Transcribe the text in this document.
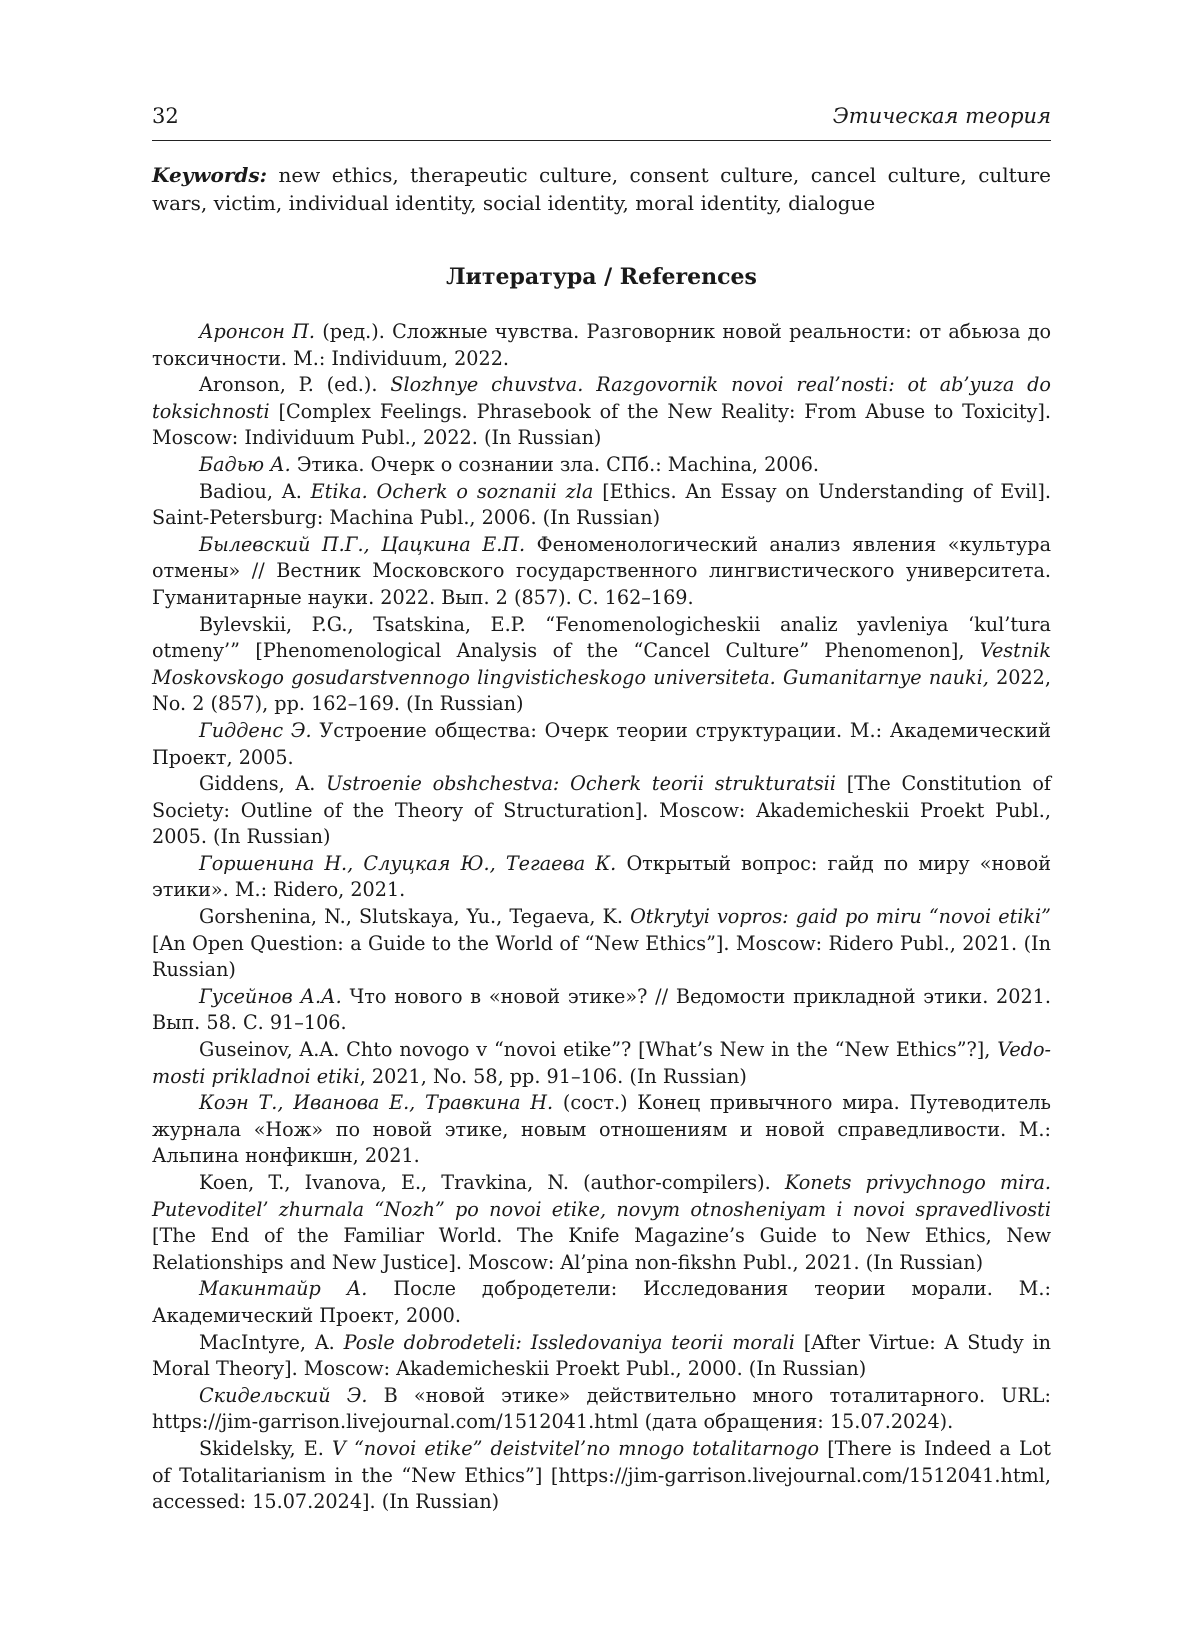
32	Этическая теория

Keywords: new ethics, therapeutic culture, consent culture, cancel culture, culture wars, victim, individual identity, social identity, moral identity, dialogue

Литература / References

Аронсон П. (ред.). Сложные чувства. Разговорник новой реальности: от абьюза до токсичности. М.: Individuum, 2022.

Aronson, P. (ed.). Slozhnye chuvstva. Razgovornik novoi real’nosti: ot ab’yuza do toksichnosti [Complex Feelings. Phrasebook of the New Reality: From Abuse to Toxicity]. Moscow: Individuum Publ., 2022. (In Russian)

Бадью А. Этика. Очерк о сознании зла. СПб.: Machina, 2006.

Badiou, A. Etika. Ocherk o soznanii zla [Ethics. An Essay on Understanding of Evil]. Saint-Petersburg: Machina Publ., 2006. (In Russian)

Былевский П.Г., Цацкина Е.П. Феноменологический анализ явления «культура отмены» // Вестник Московского государственного лингвистического университета. Гуманитарные науки. 2022. Вып. 2 (857). С. 162–169.

Bylevskii, P.G., Tsatskina, E.P. “Fenomenologicheskii analiz yavleniya ‘kul’tura otmeny’” [Phenomenological Analysis of the “Cancel Culture” Phenomenon], Vestnik Moskovskogo gosudarstvennogo lingvisticheskogo universiteta. Gumanitarnye nauki, 2022, No. 2 (857), pp. 162–169. (In Russian)

Гидденс Э. Устроение общества: Очерк теории структурации. М.: Академический Проект, 2005.

Giddens, A. Ustroenie obshchestva: Ocherk teorii strukturatsii [The Constitution of Society: Outline of the Theory of Structuration]. Moscow: Akademicheskii Proekt Publ., 2005. (In Russian)

Горшенина Н., Слуцкая Ю., Тегаева К. Открытый вопрос: гайд по миру «новой этики». М.: Ridero, 2021.

Gorshenina, N., Slutskaya, Yu., Tegaeva, K. Otkrytyi vopros: gaid po miru “novoi etiki” [An Open Question: a Guide to the World of “New Ethics”]. Moscow: Ridero Publ., 2021. (In Russian)

Гусейнов А.А. Что нового в «новой этике»? // Ведомости прикладной этики. 2021. Вып. 58. С. 91–106.

Guseinov, A.A. Chto novogo v “novoi etike”? [What’s New in the “New Ethics”?], Vedomosti prikladnoi etiki, 2021, No. 58, pp. 91–106. (In Russian)

Коэн Т., Иванова Е., Травкина Н. (сост.) Конец привычного мира. Путеводитель журнала «Нож» по новой этике, новым отношениям и новой справедливости. М.: Альпина нонфикшн, 2021.

Koen, T., Ivanova, E., Travkina, N. (author-compilers). Konets privychnogo mira. Putevoditel’ zhurnala “Nozh” po novoi etike, novym otnosheniyam i novoi spravedlivosti [The End of the Familiar World. The Knife Magazine’s Guide to New Ethics, New Relationships and New Justice]. Moscow: Al’pina non-fikshn Publ., 2021. (In Russian)

Макинтайр А. После добродетели: Исследования теории морали. М.: Академический Проект, 2000.

MacIntyre, A. Posle dobrodeteli: Issledovaniya teorii morali [After Virtue: A Study in Moral Theory]. Moscow: Akademicheskii Proekt Publ., 2000. (In Russian)

Скидельский Э. В «новой этике» действительно много тоталитарного. URL: https://jim-garrison.livejournal.com/1512041.html (дата обращения: 15.07.2024).

Skidelsky, E. V “novoi etike” deistvitel’no mnogo totalitarnogo [There is Indeed a Lot of Totalitarianism in the “New Ethics”] [https://jim-garrison.livejournal.com/1512041.html, accessed: 15.07.2024]. (In Russian)
